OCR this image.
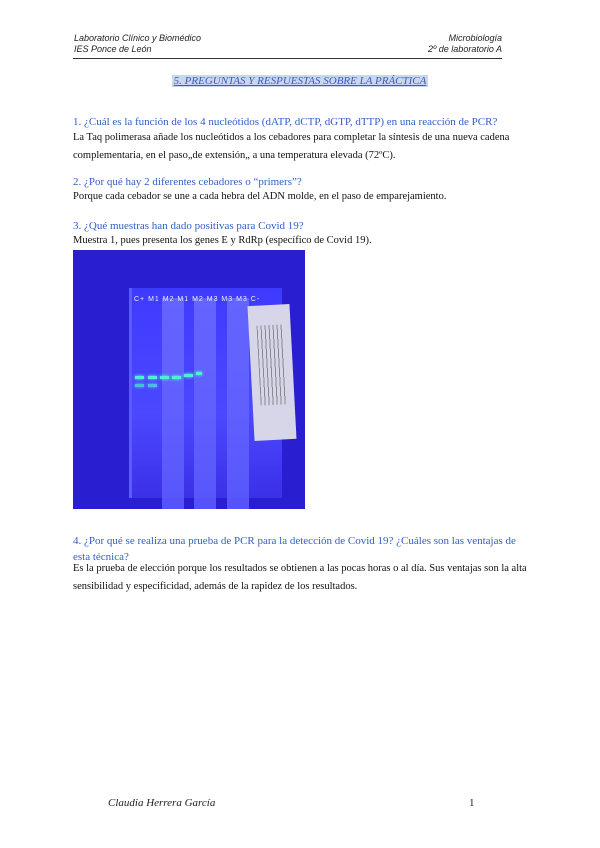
Laboratorio Clínico y Biomédico
IES Ponce de León
Microbiología
2º de laboratorio A
5. PREGUNTAS Y RESPUESTAS SOBRE LA PRÁCTICA
1. ¿Cuál es la función de los 4 nucleótidos (dATP, dCTP, dGTP, dTTP) en una reacción de PCR?
La Taq polimerasa añade los nucleótidos a los cebadores para completar la síntesis de una nueva cadena complementaria, en el paso„de extensión„ a una temperatura elevada (72ºC).
2. ¿Por qué hay 2 diferentes cebadores o “primers”?
Porque cada cebador se une a cada hebra del ADN molde, en el paso de emparejamiento.
3. ¿Qué muestras han dado positivas para Covid 19?
Muestra 1, pues presenta los genes E y RdRp (específico de Covid 19).
C+ M1 M2 M1 M2 M3 M3 M3 C-
4. ¿Por qué se realiza una prueba de PCR para la detección de Covid 19? ¿Cuáles son las ventajas de esta técnica?
Es la prueba de elección porque los resultados se obtienen a las pocas horas o al día. Sus ventajas son la alta sensibilidad y especificidad, además de la rapidez de los resultados.
Claudia Herrera García	1
